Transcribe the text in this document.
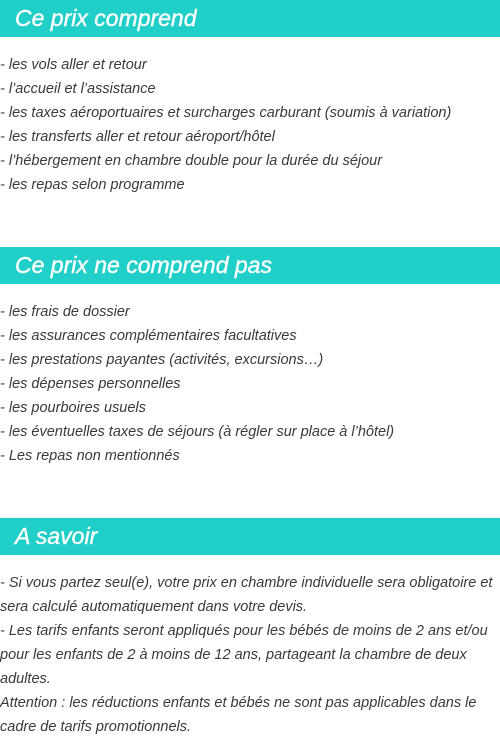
Ce prix comprend
- les vols aller et retour
- l’accueil et l’assistance
- les taxes aéroportuaires et surcharges carburant (soumis à variation)
- les transferts aller et retour aéroport/hôtel
- l’hébergement en chambre double pour la durée du séjour
- les repas selon programme
Ce prix ne comprend pas
- les frais de dossier
- les assurances complémentaires facultatives
- les prestations payantes (activités, excursions…)
- les dépenses personnelles
- les pourboires usuels
- les éventuelles taxes de séjours (à régler sur place à l’hôtel)
- Les repas non mentionnés
A savoir

- Si vous partez seul(e), votre prix en chambre individuelle sera obligatoire et sera calculé automatiquement dans votre devis.

- Les tarifs enfants seront appliqués pour les bébés de moins de 2 ans et/ou pour les enfants de 2 à moins de 12 ans, partageant la chambre de deux adultes.

Attention : les réductions enfants et bébés ne sont pas applicables dans le cadre de tarifs promotionnels.
